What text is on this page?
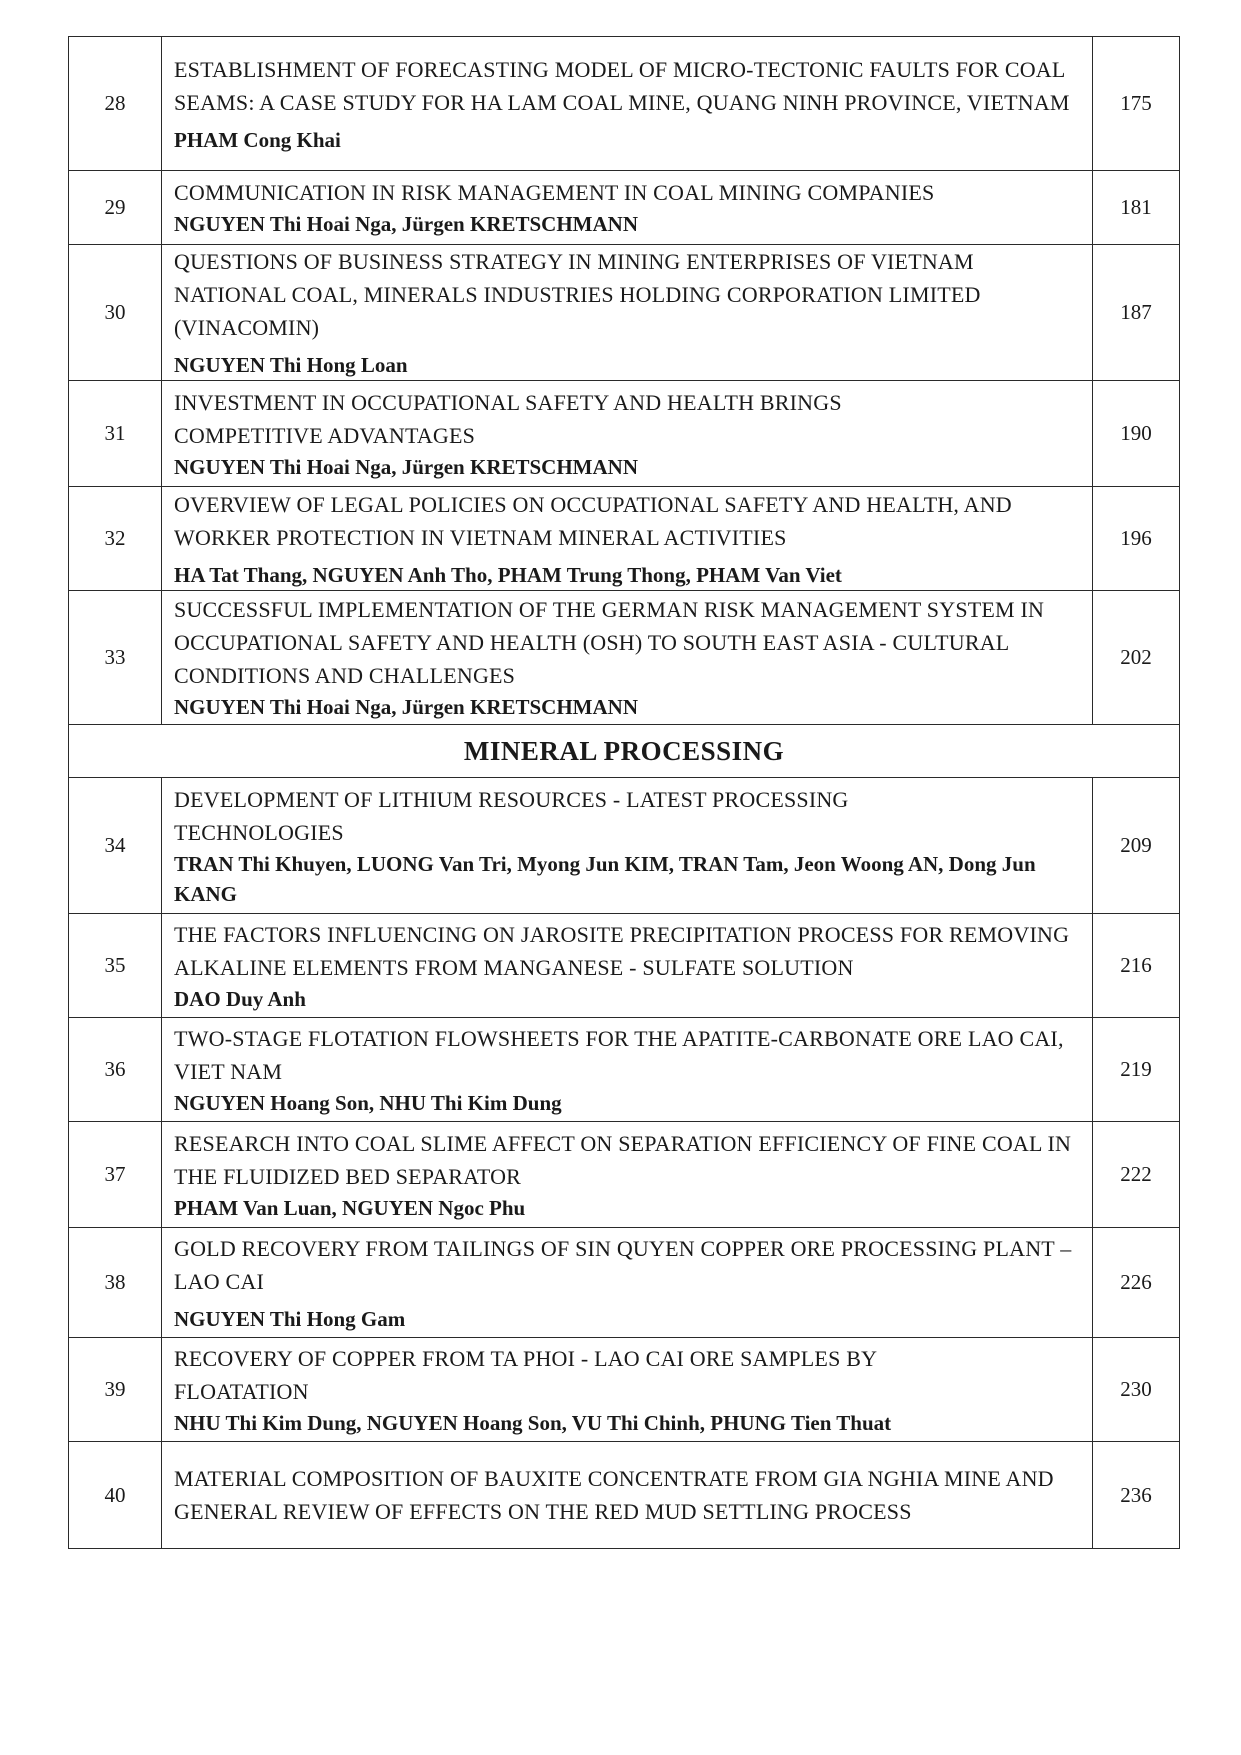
28
ESTABLISHMENT OF FORECASTING MODEL OF MICRO-TECTONIC FAULTS FOR COAL SEAMS: A CASE STUDY FOR HA LAM COAL MINE, QUANG NINH PROVINCE, VIETNAM
PHAM Cong Khai
175
29
COMMUNICATION IN RISK MANAGEMENT IN COAL MINING COMPANIES
NGUYEN Thi Hoai Nga, Jürgen KRETSCHMANN
181
30
QUESTIONS OF BUSINESS STRATEGY IN MINING ENTERPRISES OF VIETNAM NATIONAL COAL, MINERALS INDUSTRIES HOLDING CORPORATION LIMITED (VINACOMIN)
NGUYEN Thi Hong Loan
187
31
INVESTMENT IN OCCUPATIONAL SAFETY AND HEALTH BRINGS COMPETITIVE ADVANTAGES
NGUYEN Thi Hoai Nga, Jürgen KRETSCHMANN
190
32
OVERVIEW OF LEGAL POLICIES ON OCCUPATIONAL SAFETY AND HEALTH, AND WORKER PROTECTION IN VIETNAM MINERAL ACTIVITIES
HA Tat Thang, NGUYEN Anh Tho, PHAM Trung Thong, PHAM Van Viet
196
33
SUCCESSFUL IMPLEMENTATION OF THE GERMAN RISK MANAGEMENT SYSTEM IN OCCUPATIONAL SAFETY AND HEALTH (OSH) TO SOUTH EAST ASIA - CULTURAL CONDITIONS AND CHALLENGES
NGUYEN Thi Hoai Nga, Jürgen KRETSCHMANN
202
MINERAL PROCESSING
34
DEVELOPMENT OF LITHIUM RESOURCES - LATEST PROCESSING TECHNOLOGIES
TRAN Thi Khuyen, LUONG Van Tri, Myong Jun KIM, TRAN Tam, Jeon Woong AN, Dong Jun KANG
209
35
THE FACTORS INFLUENCING ON JAROSITE PRECIPITATION PROCESS FOR REMOVING ALKALINE ELEMENTS FROM MANGANESE - SULFATE SOLUTION
DAO Duy Anh
216
36
TWO-STAGE FLOTATION FLOWSHEETS FOR THE APATITE-CARBONATE ORE LAO CAI, VIET NAM
NGUYEN Hoang Son, NHU Thi Kim Dung
219
37
RESEARCH INTO COAL SLIME AFFECT ON SEPARATION EFFICIENCY OF FINE COAL IN THE FLUIDIZED BED SEPARATOR
PHAM Van Luan, NGUYEN Ngoc Phu
222
38
GOLD RECOVERY FROM TAILINGS OF SIN QUYEN COPPER ORE PROCESSING PLANT – LAO CAI
NGUYEN Thi Hong Gam
226
39
RECOVERY OF COPPER FROM TA PHOI - LAO CAI ORE SAMPLES BY FLOATATION
NHU Thi Kim Dung, NGUYEN Hoang Son, VU Thi Chinh, PHUNG Tien Thuat
230
40
MATERIAL COMPOSITION OF BAUXITE CONCENTRATE FROM GIA NGHIA MINE AND GENERAL REVIEW OF EFFECTS ON THE RED MUD SETTLING PROCESS
236
